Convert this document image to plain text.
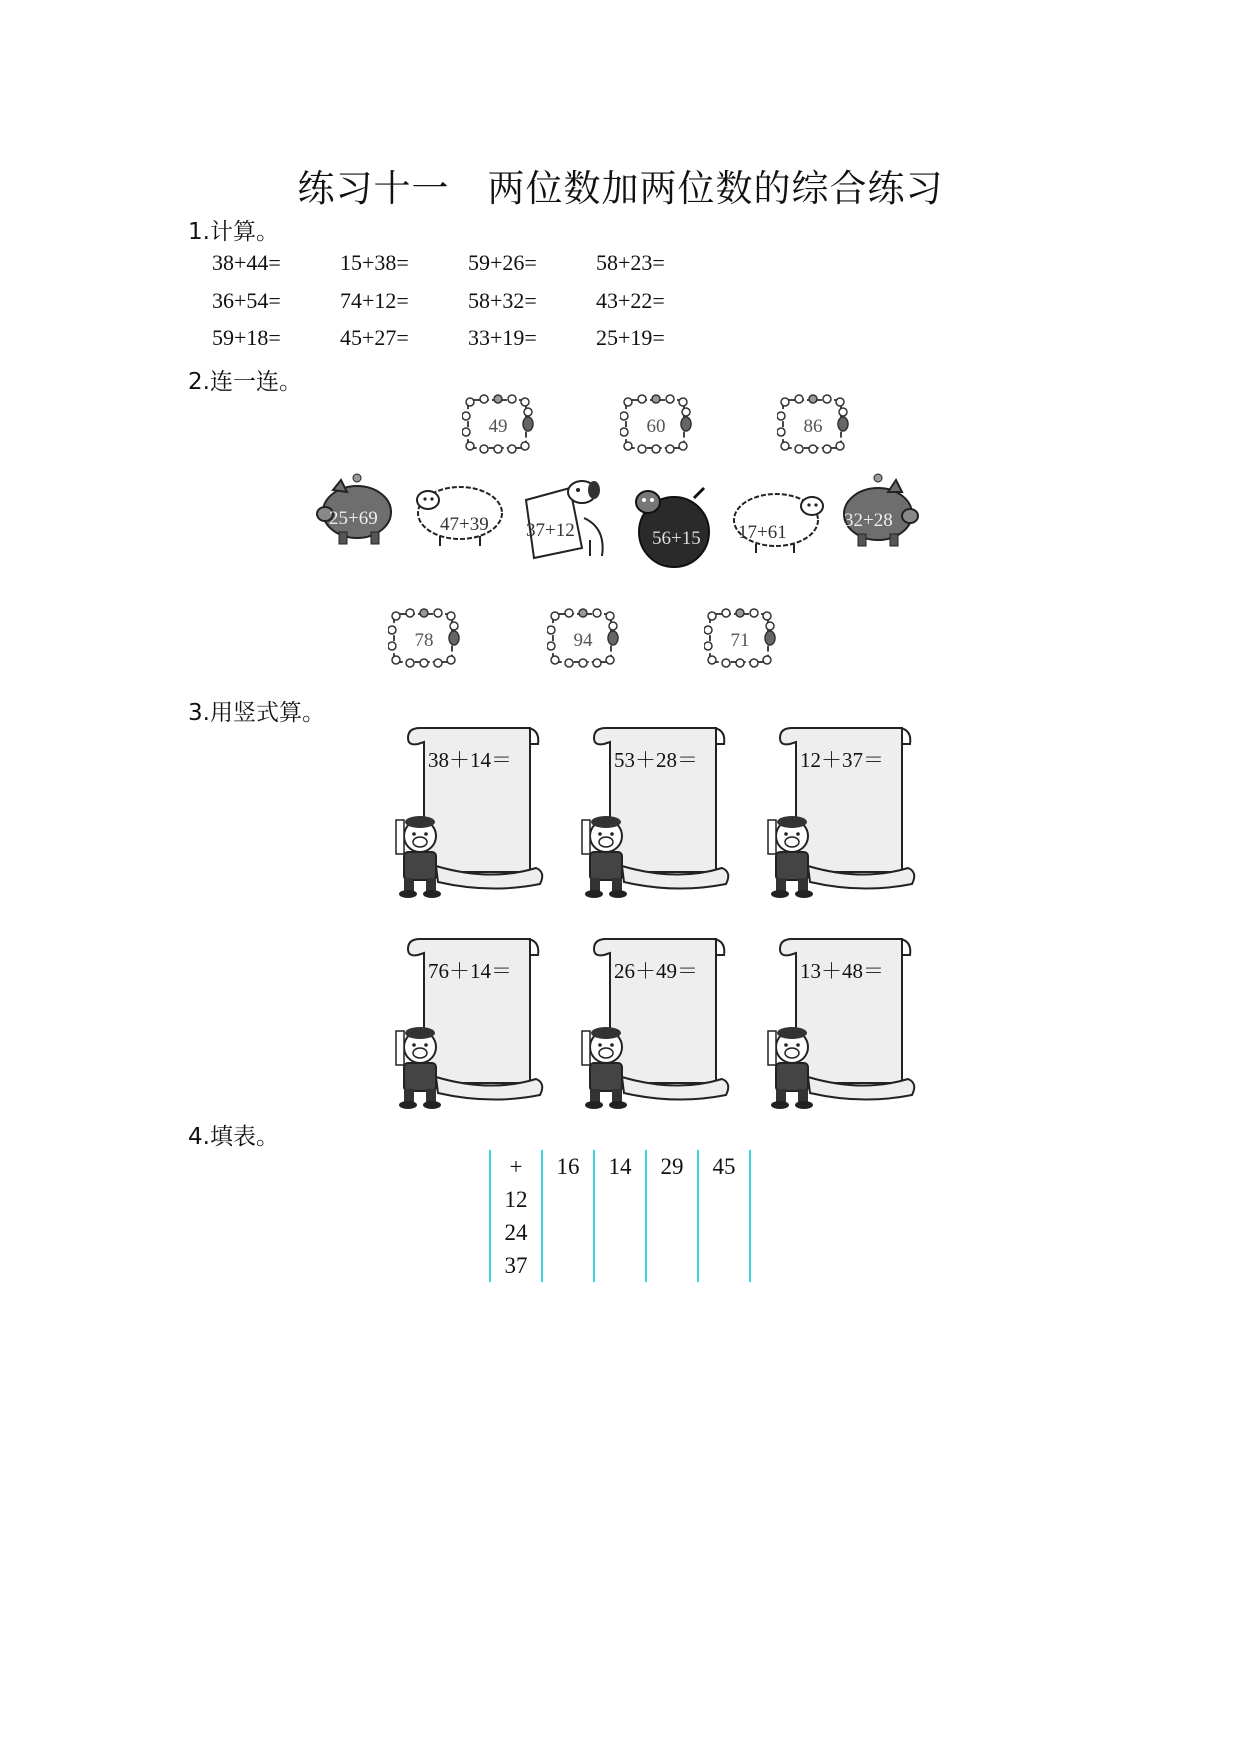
练习十一　两位数加两位数的综合练习
1.计算。
38+44=	15+38=	59+26=	58+23=
36+54=	74+12=	58+32=	43+22=
59+18=	45+27=	33+19=	25+19=
2.连一连。
49	60	86
25+69	47+39 37+12	56+15 17+61
32+28
78	94	71
3.用竖式算。
38＋14＝	53＋28＝	12＋37＝
76＋14＝	26＋49＝	13＋48＝
4.填表。
+	16	14	29	45
12				
24				
37				
